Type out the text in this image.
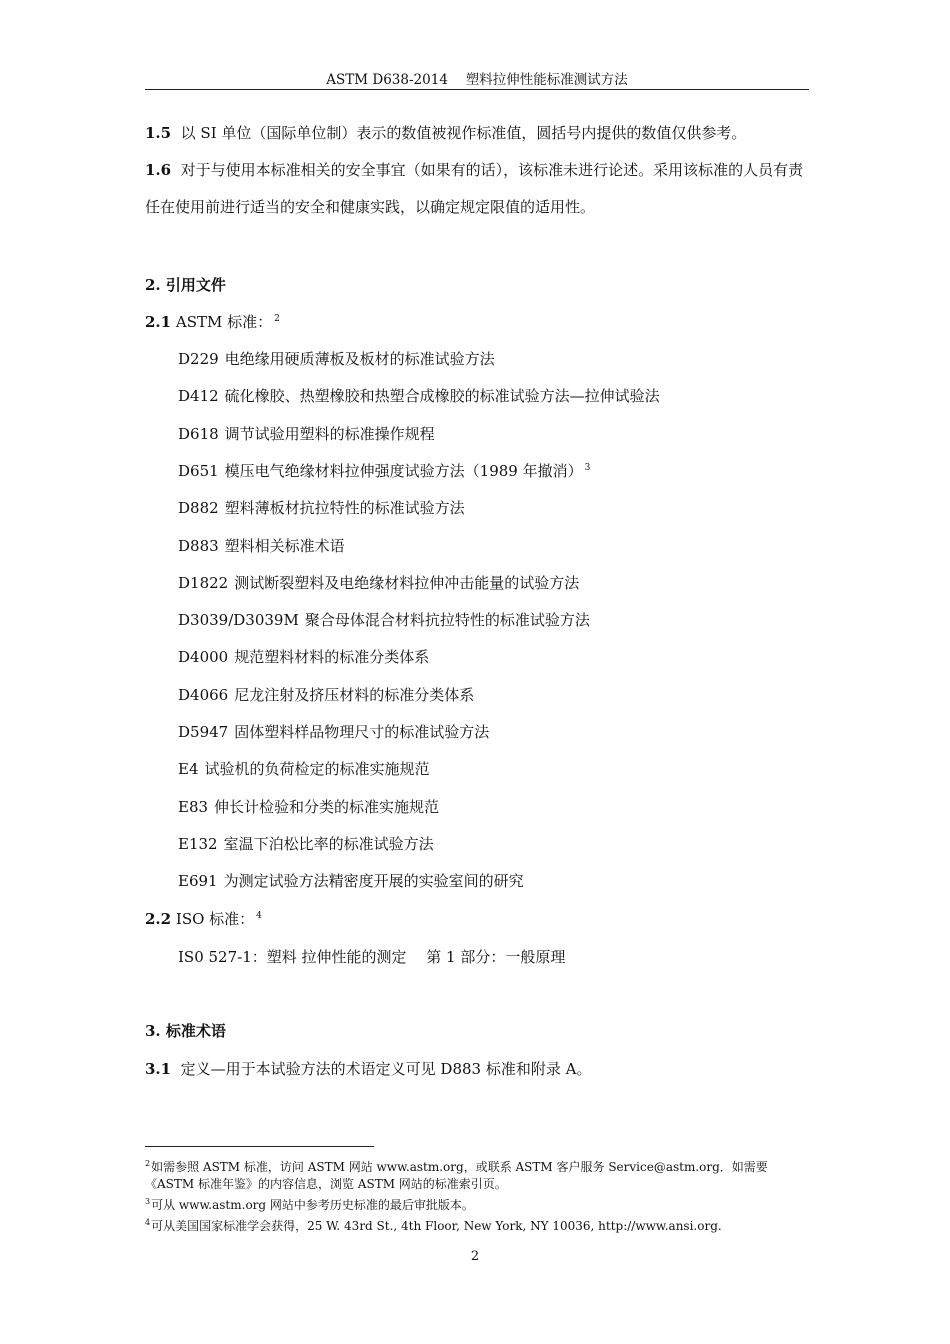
ASTM D638-2014　 塑料拉伸性能标准测试方法
1.5 以 SI 单位（国际单位制）表示的数值被视作标准值，圆括号内提供的数值仅供参考。
1.6 对于与使用本标准相关的安全事宜（如果有的话），该标准未进行论述。采用该标准的人员有责任在使用前进行适当的安全和健康实践，以确定规定限值的适用性。
2. 引用文件
2.1 ASTM 标准： $^2$
D229 电绝缘用硬质薄板及板材的标准试验方法
D412 硫化橡胶、热塑橡胶和热塑合成橡胶的标准试验方法—拉伸试验法
D618 调节试验用塑料的标准操作规程
D651 模压电气绝缘材料拉伸强度试验方法（1989 年撤消） $^3$
D882 塑料薄板材抗拉特性的标准试验方法
D883 塑料相关标准术语
D1822 测试断裂塑料及电绝缘材料拉伸冲击能量的试验方法
D3039/D3039M 聚合母体混合材料抗拉特性的标准试验方法
D4000 规范塑料材料的标准分类体系
D4066 尼龙注射及挤压材料的标准分类体系
D5947 固体塑料样品物理尺寸的标准试验方法
E4 试验机的负荷检定的标准实施规范
E83 伸长计检验和分类的标准实施规范
E132 室温下泊松比率的标准试验方法
E691 为测定试验方法精密度开展的实验室间的研究
2.2 ISO 标准： $^4$
IS0 527-1：塑料 拉伸性能的测定　 第 1 部分：一般原理
3. 标准术语
3.1 定义—用于本试验方法的术语定义可见 D883 标准和附录 A。
$^2$如需参照 ASTM 标准，访问 ASTM 网站 www.astm.org，或联系 ASTM 客户服务 Service@astm.org．如需要《ASTM 标准年鉴》的内容信息，浏览 ASTM 网站的标准索引页。
$^3$可从 www.astm.org 网站中参考历史标准的最后审批版本。
$^4$可从美国国家标准学会获得，25 W. 43rd St., 4th Floor, New York, NY 10036, http://www.ansi.org.
2
